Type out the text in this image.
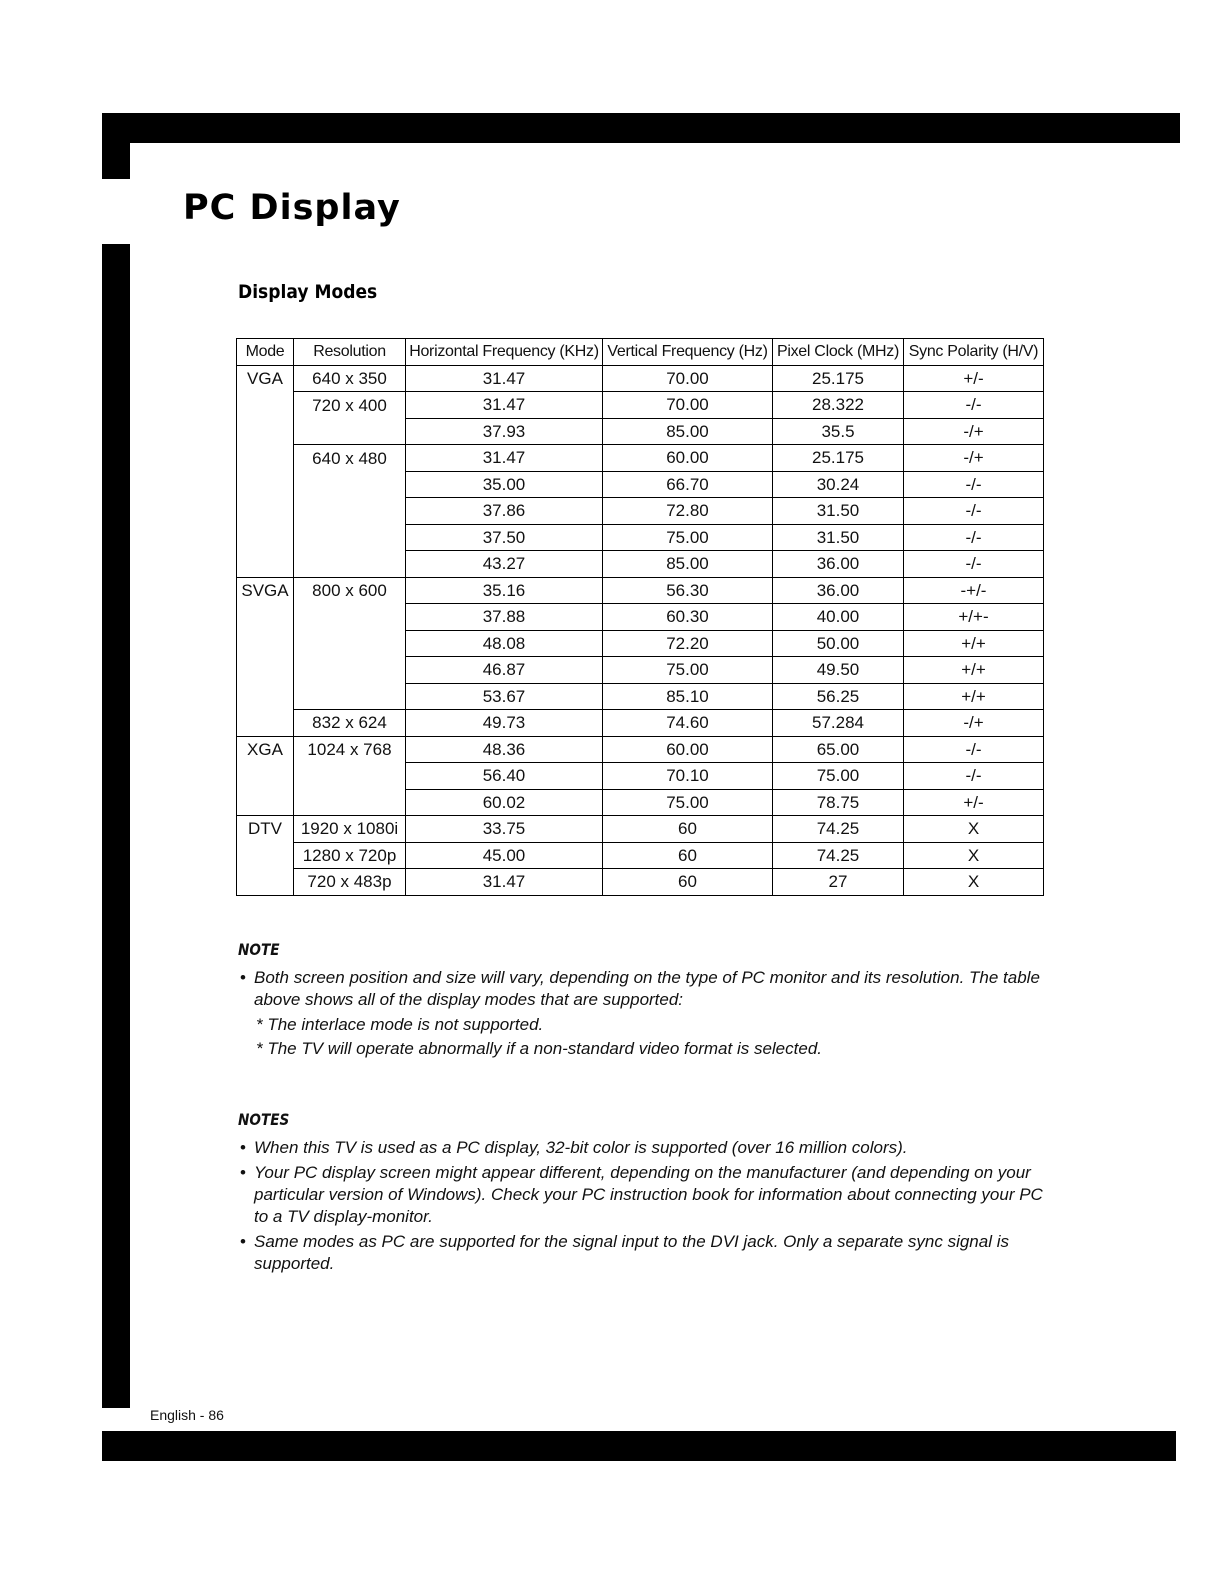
PC Display
Display Modes
Mode	Resolution	Horizontal Frequency (KHz)	Vertical Frequency (Hz)	Pixel Clock (MHz)	Sync Polarity (H/V)
VGA	640 x 350	31.47	70.00	25.175	+/-
	720 x 400	31.47	70.00	28.322	-/-
		37.93	85.00	35.5	-/+
	640 x 480	31.47	60.00	25.175	-/+
		35.00	66.70	30.24	-/-
		37.86	72.80	31.50	-/-
		37.50	75.00	31.50	-/-
		43.27	85.00	36.00	-/-
SVGA	800 x 600	35.16	56.30	36.00	-+/-
		37.88	60.30	40.00	+/+-
		48.08	72.20	50.00	+/+
		46.87	75.00	49.50	+/+
		53.67	85.10	56.25	+/+
	832 x 624	49.73	74.60	57.284	-/+
XGA	1024 x 768	48.36	60.00	65.00	-/-
		56.40	70.10	75.00	-/-
		60.02	75.00	78.75	+/-
DTV	1920 x 1080i	33.75	60	74.25	X
	1280 x 720p	45.00	60	74.25	X
	720 x 483p	31.47	60	27	X

NOTE

• Both screen position and size will vary, depending on the type of PC monitor and its resolution. The table above shows all of the display modes that are supported:

* The interlace mode is not supported.

* The TV will operate abnormally if a non-standard video format is selected.

NOTES

• When this TV is used as a PC display, 32-bit color is supported (over 16 million colors).

• Your PC display screen might appear different, depending on the manufacturer (and depending on your particular version of Windows). Check your PC instruction book for information about connecting your PC to a TV display-monitor.

• Same modes as PC are supported for the signal input to the DVI jack. Only a separate sync signal is supported.

English - 86
